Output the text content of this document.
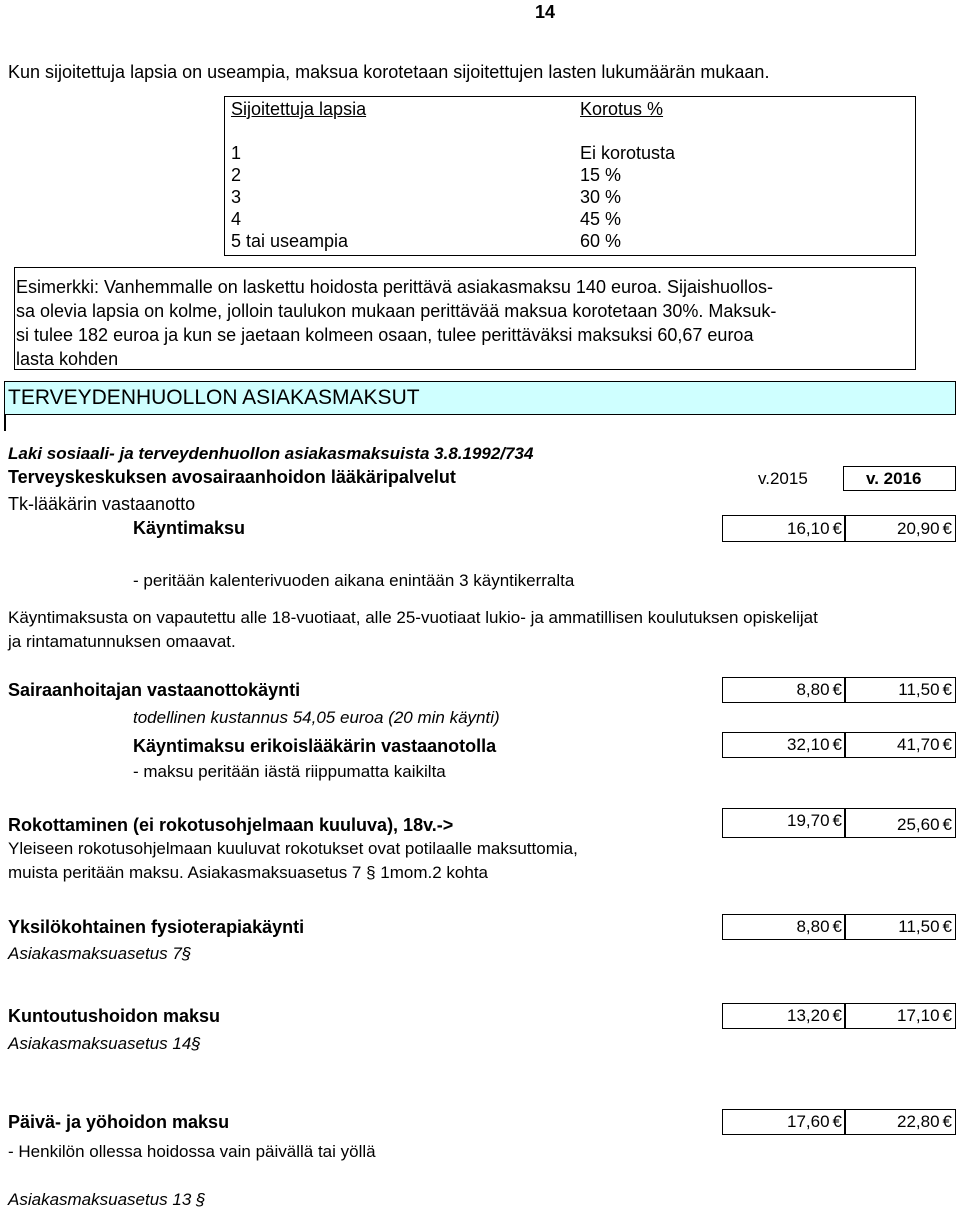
14
Kun sijoitettuja lapsia on useampia, maksua korotetaan sijoitettujen lasten lukumäärän mukaan.
Sijoitettuja lapsia	Korotus %
1	Ei korotusta
2	15 %
3	30 %
4	45 %
5 tai useampia	60 %
Esimerkki: Vanhemmalle on laskettu hoidosta perittävä asiakasmaksu 140 euroa. Sijaishuollos-
sa olevia lapsia on kolme, jolloin taulukon mukaan perittävää maksua korotetaan 30%. Maksuk-
si tulee 182 euroa ja kun se jaetaan kolmeen osaan, tulee perittäväksi maksuksi 60,67 euroa
lasta kohden
TERVEYDENHUOLLON ASIAKASMAKSUT
Laki sosiaali- ja terveydenhuollon asiakasmaksuista 3.8.1992/734
Terveyskeskuksen avosairaanhoidon lääkäripalvelut	v.2015	v. 2016
Tk-lääkärin vastaanotto
Käyntimaksu	16,10 €	20,90 €
- peritään kalenterivuoden aikana enintään 3 käyntikerralta
Käyntimaksusta on vapautettu alle 18-vuotiaat, alle 25-vuotiaat lukio- ja ammatillisen koulutuksen opiskelijat
ja rintamatunnuksen omaavat.
Sairaanhoitajan vastaanottokäynti	8,80 €	11,50 €
todellinen kustannus 54,05 euroa (20 min käynti)
Käyntimaksu erikoislääkärin vastaanotolla	32,10 €	41,70 €
- maksu peritään iästä riippumatta kaikilta
Rokottaminen (ei rokotusohjelmaan kuuluva), 18v.->	19,70 €	25,60 €
Yleiseen rokotusohjelmaan kuuluvat rokotukset ovat potilaalle maksuttomia,
muista peritään maksu. Asiakasmaksuasetus 7 § 1mom.2 kohta
Yksilökohtainen fysioterapiakäynti	8,80 €	11,50 €
Asiakasmaksuasetus 7§
Kuntoutushoidon maksu	13,20 €	17,10 €
Asiakasmaksuasetus 14§
Päivä- ja yöhoidon maksu	17,60 €	22,80 €
- Henkilön ollessa hoidossa vain päivällä tai yöllä
Asiakasmaksuasetus 13 §
